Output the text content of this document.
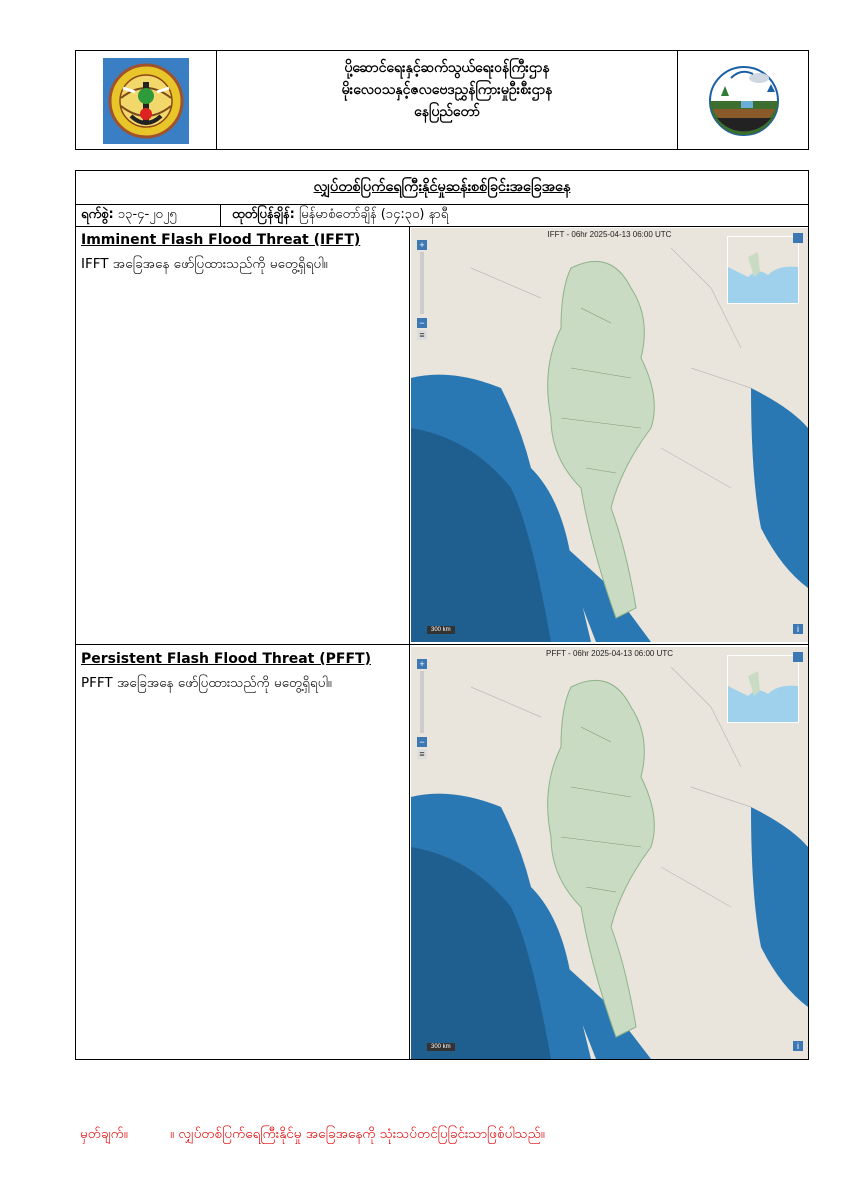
ပို့ဆောင်ရေးနှင့်ဆက်သွယ်ရေးဝန်ကြီးဌာန
မိုးလေဝသနှင့်ဇလဗေဒညွှန်ကြားမှုဦးစီးဌာန
နေပြည်တော်
လျှပ်တစ်ပြက်ရေကြီးနိုင်မှုဆန်းစစ်ခြင်းအခြေအနေ
ရက်စွဲ: ၁၃-၄-၂၀၂၅	ထုတ်ပြန်ချိန်: မြန်မာစံတော်ချိန် (၁၄:၃၀) နာရီ
Imminent Flash Flood Threat (IFFT)
IFFT အခြေအနေ ဖော်ပြထားသည်ကို မတွေ့ရှိရပါ။
Persistent Flash Flood Threat (PFFT)
PFFT အခြေအနေ ဖော်ပြထားသည်ကို မတွေ့ရှိရပါ။
IFFT - 06hr 2025-04-13 06:00 UTC
+
−
≡
300 km	i
PFFT - 06hr 2025-04-13 06:00 UTC
+
−
≡
300 km	i
မှတ်ချက်။	။ လျှပ်တစ်ပြက်ရေကြီးနိုင်မှု အခြေအနေကို သုံးသပ်တင်ပြခြင်းသာဖြစ်ပါသည်။
